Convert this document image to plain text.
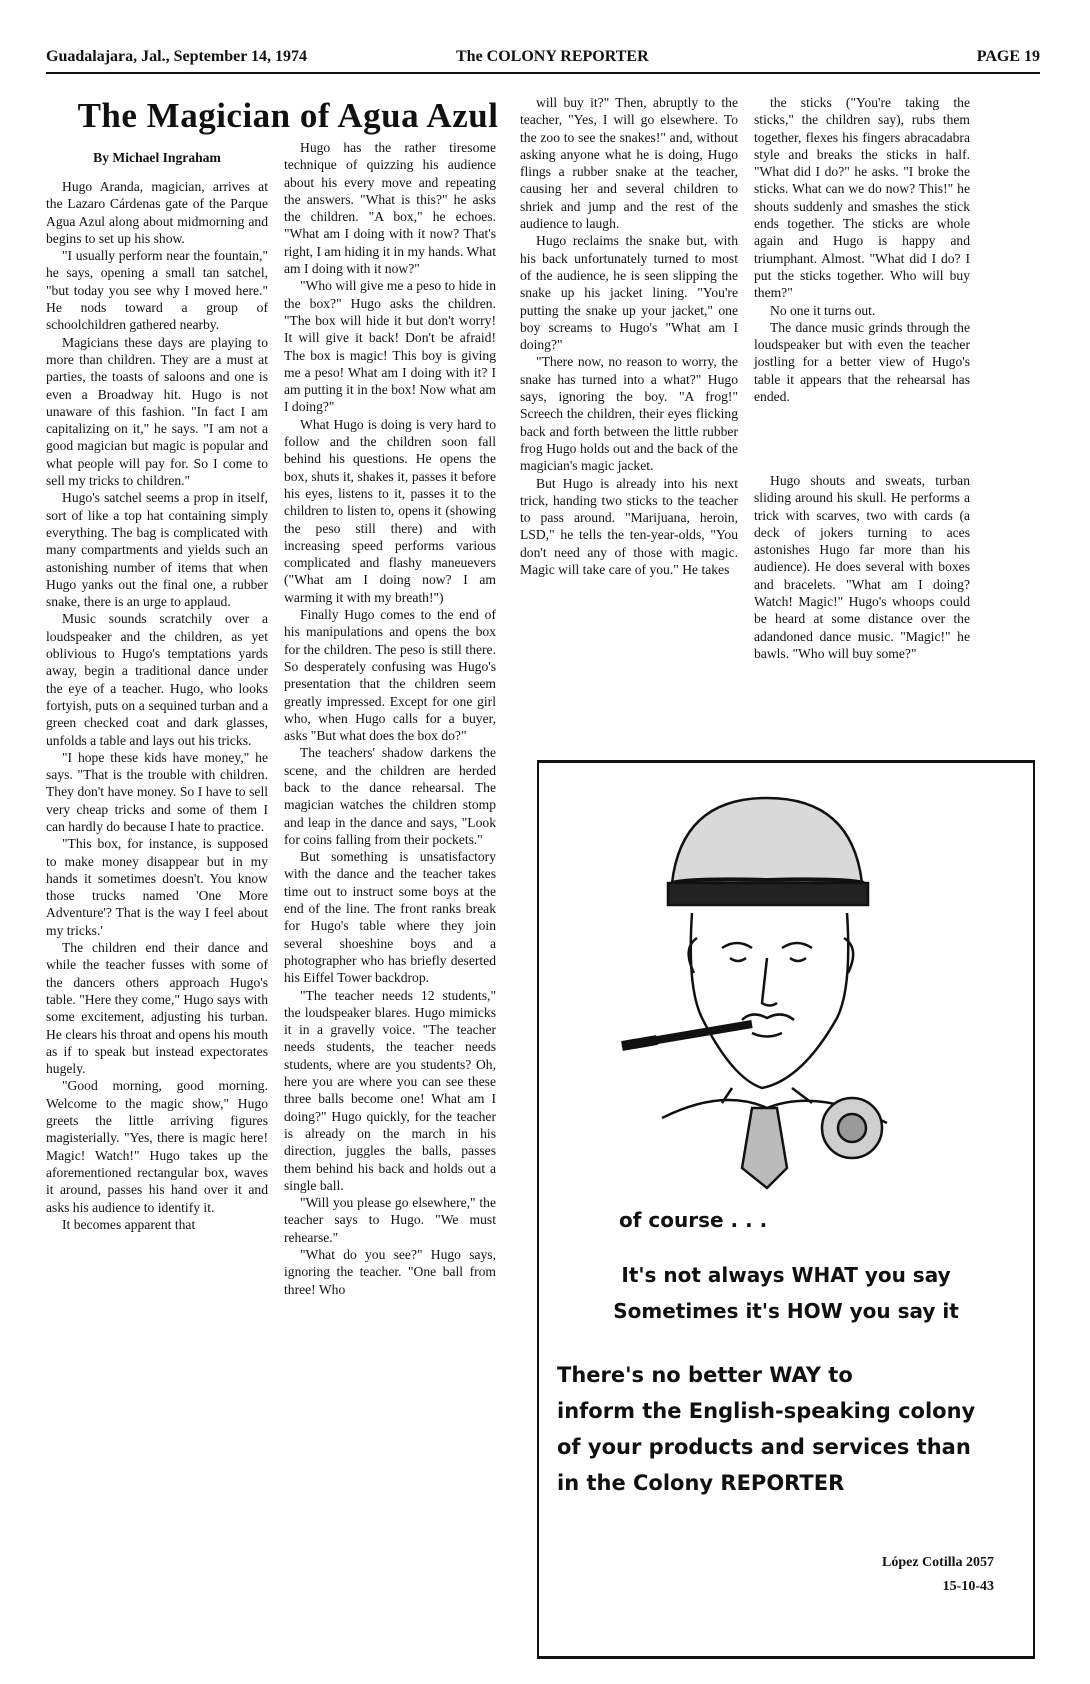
Guadalajara, Jal., September 14, 1974	The COLONY REPORTER	PAGE 19
The Magician of Agua Azul
By Michael Ingraham

Hugo Aranda, magician, arrives at the Lazaro Cárdenas gate of the Parque Agua Azul along about midmorning and begins to set up his show.

"I usually perform near the fountain," he says, opening a small tan satchel, "but today you see why I moved here." He nods toward a group of schoolchildren gathered nearby.

Magicians these days are playing to more than children. They are a must at parties, the toasts of saloons and one is even a Broadway hit. Hugo is not unaware of this fashion. "In fact I am capitalizing on it," he says. "I am not a good magician but magic is popular and what people will pay for. So I come to sell my tricks to children."

Hugo's satchel seems a prop in itself, sort of like a top hat containing simply everything. The bag is complicated with many compartments and yields such an astonishing number of items that when Hugo yanks out the final one, a rubber snake, there is an urge to applaud.

Music sounds scratchily over a loudspeaker and the children, as yet oblivious to Hugo's temptations yards away, begin a traditional dance under the eye of a teacher. Hugo, who looks fortyish, puts on a sequined turban and a green checked coat and dark glasses, unfolds a table and lays out his tricks.

"I hope these kids have money," he says. "That is the trouble with children. They don't have money. So I have to sell very cheap tricks and some of them I can hardly do because I hate to practice.

"This box, for instance, is supposed to make money disappear but in my hands it sometimes doesn't. You know those trucks named 'One More Adventure'? That is the way I feel about my tricks.'

The children end their dance and while the teacher fusses with some of the dancers others approach Hugo's table. "Here they come," Hugo says with some excitement, adjusting his turban. He clears his throat and opens his mouth as if to speak but instead expectorates hugely.

"Good morning, good morning. Welcome to the magic show," Hugo greets the little arriving figures magisterially. "Yes, there is magic here! Magic! Watch!" Hugo takes up the aforementioned rectangular box, waves it around, passes his hand over it and asks his audience to identify it.

It becomes apparent that

Hugo has the rather tiresome technique of quizzing his audience about his every move and repeating the answers. "What is this?" he asks the children. "A box," he echoes. "What am I doing with it now? That's right, I am hiding it in my hands. What am I doing with it now?"

"Who will give me a peso to hide in the box?" Hugo asks the children. "The box will hide it but don't worry! It will give it back! Don't be afraid! The box is magic! This boy is giving me a peso! What am I doing with it? I am putting it in the box! Now what am I doing?"

What Hugo is doing is very hard to follow and the children soon fall behind his questions. He opens the box, shuts it, shakes it, passes it before his eyes, listens to it, passes it to the children to listen to, opens it (showing the peso still there) and with increasing speed performs various complicated and flashy maneuevers ("What am I doing now? I am warming it with my breath!")

Finally Hugo comes to the end of his manipulations and opens the box for the children. The peso is still there. So desperately confusing was Hugo's presentation that the children seem greatly impressed. Except for one girl who, when Hugo calls for a buyer, asks "But what does the box do?"

The teachers' shadow darkens the scene, and the children are herded back to the dance rehearsal. The magician watches the children stomp and leap in the dance and says, "Look for coins falling from their pockets."

But something is unsatisfactory with the dance and the teacher takes time out to instruct some boys at the end of the line. The front ranks break for Hugo's table where they join several shoeshine boys and a photographer who has briefly deserted his Eiffel Tower backdrop.

"The teacher needs 12 students," the loudspeaker blares. Hugo mimicks it in a gravelly voice. "The teacher needs students, the teacher needs students, where are you students? Oh, here you are where you can see these three balls become one! What am I doing?" Hugo quickly, for the teacher is already on the march in his direction, juggles the balls, passes them behind his back and holds out a single ball.

"Will you please go elsewhere," the teacher says to Hugo. "We must rehearse."

"What do you see?" Hugo says, ignoring the teacher. "One ball from three! Who

will buy it?" Then, abruptly to the teacher, "Yes, I will go elsewhere. To the zoo to see the snakes!" and, without asking anyone what he is doing, Hugo flings a rubber snake at the teacher, causing her and several children to shriek and jump and the rest of the audience to laugh.

Hugo reclaims the snake but, with his back unfortunately turned to most of the audience, he is seen slipping the snake up his jacket lining. "You're putting the snake up your jacket," one boy screams to Hugo's "What am I doing?"

"There now, no reason to worry, the snake has turned into a what?" Hugo says, ignoring the boy. "A frog!" Screech the children, their eyes flicking back and forth between the little rubber frog Hugo holds out and the back of the magician's magic jacket.

But Hugo is already into his next trick, handing two sticks to the teacher to pass around. "Marijuana, heroin, LSD," he tells the ten-year-olds, "You don't need any of those with magic. Magic will take care of you." He takes

the sticks ("You're taking the sticks," the children say), rubs them together, flexes his fingers abracadabra style and breaks the sticks in half. "What did I do?" he asks. "I broke the sticks. What can we do now? This!" he shouts suddenly and smashes the stick ends together. The sticks are whole again and Hugo is happy and triumphant. Almost. "What did I do? I put the sticks together. Who will buy them?"

No one it turns out.

The dance music grinds through the loudspeaker but with even the teacher jostling for a better view of Hugo's table it appears that the rehearsal has ended.

Hugo shouts and sweats, turban sliding around his skull. He performs a trick with scarves, two with cards (a deck of jokers turning to aces astonishes Hugo far more than his audience). He does several with boxes and bracelets. "What am I doing? Watch! Magic!" Hugo's whoops could be heard at some distance over the adandoned dance music. "Magic!" he bawls. "Who will buy some?"

of course . . .
It's not always WHAT you say
Sometimes it's HOW you say it
There's no better WAY to
inform the English-speaking colony
of your products and services than
in the Colony REPORTER
López Cotilla 2057
15-10-43
